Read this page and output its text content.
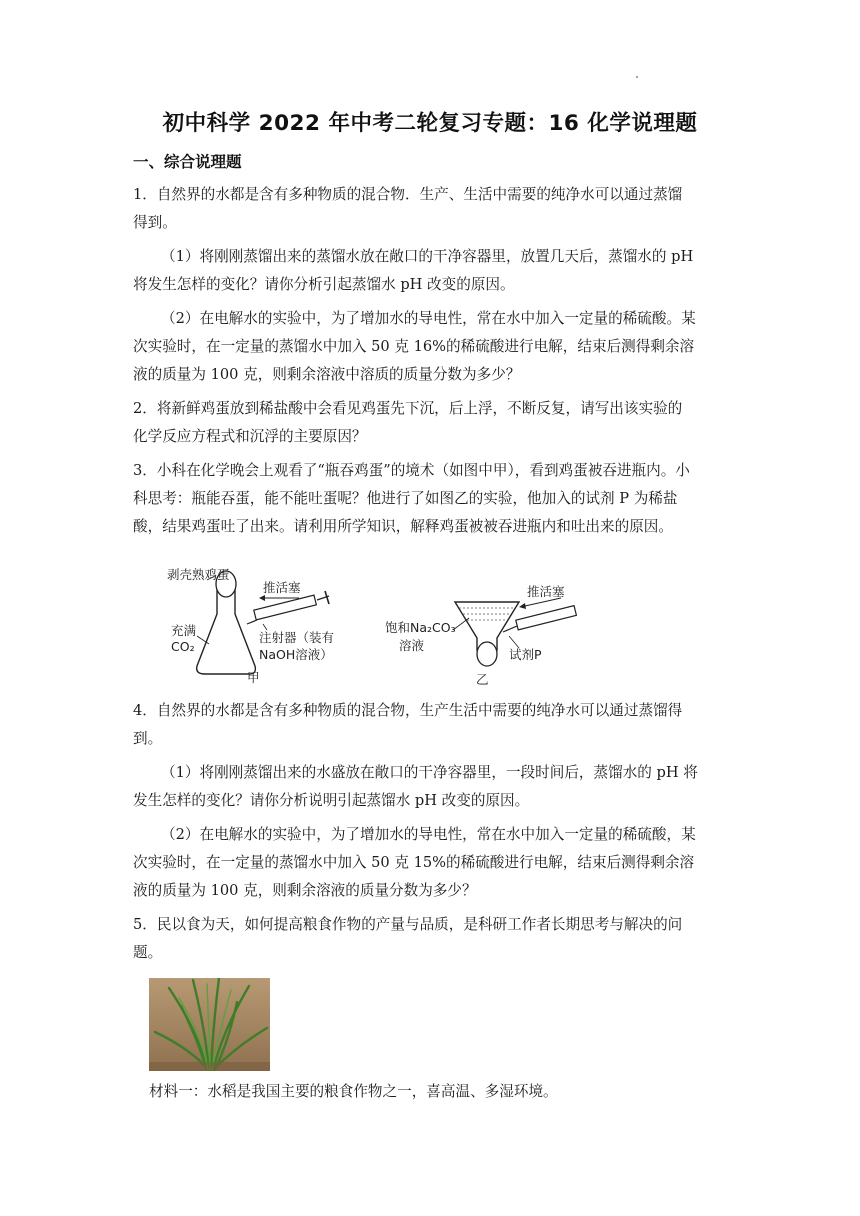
初中科学 2022 年中考二轮复习专题：16 化学说理题
一、综合说理题
1．自然界的水都是含有多种物质的混合物．生产、生活中需要的纯净水可以通过蒸馏
得到。
（1）将刚刚蒸馏出来的蒸馏水放在敞口的干净容器里，放置几天后，蒸馏水的 pH
将发生怎样的变化？请你分析引起蒸馏水 pH 改变的原因。
（2）在电解水的实验中，为了增加水的导电性，常在水中加入一定量的稀硫酸。某
次实验时，在一定量的蒸馏水中加入 50 克 16%的稀硫酸进行电解，结束后测得剩余溶
液的质量为 100 克，则剩余溶液中溶质的质量分数为多少？
2．将新鲜鸡蛋放到稀盐酸中会看见鸡蛋先下沉，后上浮，不断反复，请写出该实验的
化学反应方程式和沉浮的主要原因？
3．小科在化学晚会上观看了“瓶吞鸡蛋”的境术（如图中甲），看到鸡蛋被吞进瓶内。小
科思考：瓶能吞蛋，能不能吐蛋呢？他进行了如图乙的实验，他加入的试剂 P 为稀盐
酸，结果鸡蛋吐了出来。请利用所学知识，解释鸡蛋被被吞进瓶内和吐出来的原因。
剥壳熟鸡蛋
推活塞
充满
CO₂
注射器（装有
NaOH溶液）
甲
推活塞
饱和Na₂CO₃
溶液
试剂P
乙
4．自然界的水都是含有多种物质的混合物，生产生活中需要的纯净水可以通过蒸馏得
到。
（1）将刚刚蒸馏出来的水盛放在敞口的干净容器里，一段时间后，蒸馏水的 pH 将
发生怎样的变化？请你分析说明引起蒸馏水 pH 改变的原因。
（2）在电解水的实验中，为了增加水的导电性，常在水中加入一定量的稀硫酸，某
次实验时，在一定量的蒸馏水中加入 50 克 15%的稀硫酸进行电解，结束后测得剩余溶
液的质量为 100 克，则剩余溶液的质量分数为多少？
5．民以食为天，如何提高粮食作物的产量与品质，是科研工作者长期思考与解决的问
题。
材料一：水稻是我国主要的粮食作物之一，喜高温、多湿环境。
